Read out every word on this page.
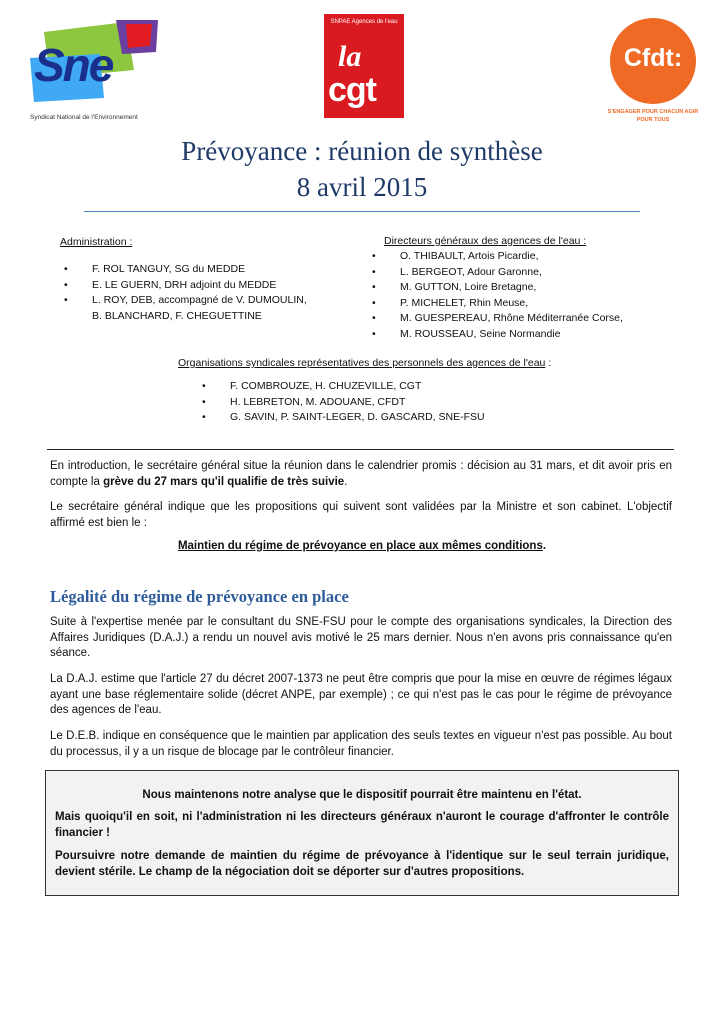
Sne
Syndicat National de l'Environnement
SNPAE Agences de l'eau
la
cgt
Cfdt:
S'ENGAGER POUR CHACUN AGIR POUR TOUS
Prévoyance : réunion de synthèse
8 avril 2015
Administration :
• F. ROL TANGUY, SG du MEDDE
• E. LE GUERN, DRH adjoint du MEDDE
• L. ROY, DEB, accompagné de V. DUMOULIN,
B. BLANCHARD, F. CHEGUETTINE
Directeurs généraux des agences de l'eau :
• O. THIBAULT, Artois Picardie,
• L. BERGEOT, Adour Garonne,
• M. GUTTON, Loire Bretagne,
• P. MICHELET, Rhin Meuse,
• M. GUESPEREAU, Rhône Méditerranée Corse,
• M. ROUSSEAU, Seine Normandie
Organisations syndicales représentatives des personnels des agences de l'eau :
• F. COMBROUZE, H. CHUZEVILLE, CGT
• H. LEBRETON, M. ADOUANE, CFDT
• G. SAVIN, P. SAINT-LEGER, D. GASCARD, SNE-FSU
En introduction, le secrétaire général situe la réunion dans le calendrier promis : décision au 31 mars, et dit avoir pris en compte la grève du 27 mars qu'il qualifie de très suivie.
Le secrétaire général indique que les propositions qui suivent sont validées par la Ministre et son cabinet. L'objectif affirmé est bien le :
Maintien du régime de prévoyance en place aux mêmes conditions.
Légalité du régime de prévoyance en place
Suite à l'expertise menée par le consultant du SNE-FSU pour le compte des organisations syndicales, la Direction des Affaires Juridiques (D.A.J.) a rendu un nouvel avis motivé le 25 mars dernier. Nous n'en avons pris connaissance qu'en séance.
La D.A.J. estime que l'article 27 du décret 2007-1373 ne peut être compris que pour la mise en œuvre de régimes légaux ayant une base réglementaire solide (décret ANPE, par exemple) ; ce qui n'est pas le cas pour le régime de prévoyance des agences de l'eau.
Le D.E.B. indique en conséquence que le maintien par application des seuls textes en vigueur n'est pas possible. Au bout du processus, il y a un risque de blocage par le contrôleur financier.
Nous maintenons notre analyse que le dispositif pourrait être maintenu en l'état.
Mais quoiqu'il en soit, ni l'administration ni les directeurs généraux n'auront le courage d'affronter le contrôle financier !
Poursuivre notre demande de maintien du régime de prévoyance à l'identique sur le seul terrain juridique, devient stérile. Le champ de la négociation doit se déporter sur d'autres propositions.
